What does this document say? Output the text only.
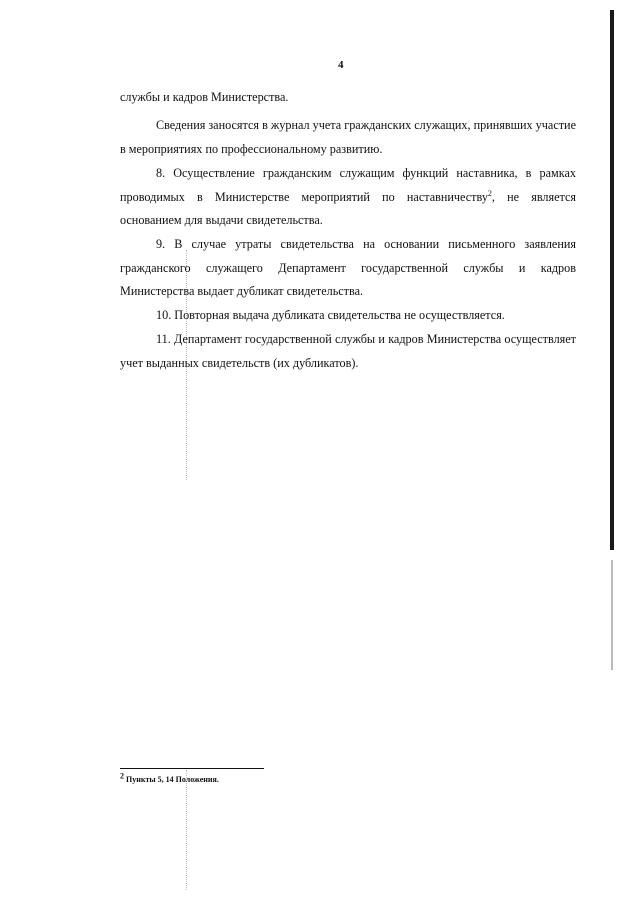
4

службы и кадров Министерства.

Сведения заносятся в журнал учета гражданских служащих, принявших участие в мероприятиях по профессиональному развитию.

8. Осуществление гражданским служащим функций наставника, в рамках проводимых в Министерстве мероприятий по наставничеству$^2$, не является основанием для выдачи свидетельства.

9. В случае утраты свидетельства на основании письменного заявления гражданского служащего Департамент государственной службы и кадров Министерства выдает дубликат свидетельства.

10. Повторная выдача дубликата свидетельства не осуществляется.

11. Департамент государственной службы и кадров Министерства осуществляет учет выданных свидетельств (их дубликатов).

$^2$ Пункты 5, 14 Положения.
